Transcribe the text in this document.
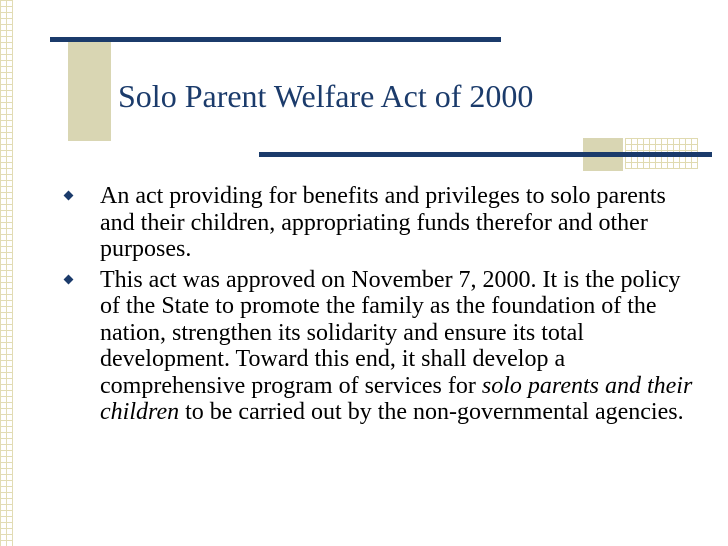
Solo Parent Welfare Act of 2000
An act providing for benefits and privileges to solo parents and their children, appropriating funds therefor and other purposes.
This act was approved on November 7, 2000. It is the policy of the State to promote the family as the foundation of the nation, strengthen its solidarity and ensure its total development. Toward this end, it shall develop a comprehensive program of services for solo parents and their children to be carried out by the non-governmental agencies.
